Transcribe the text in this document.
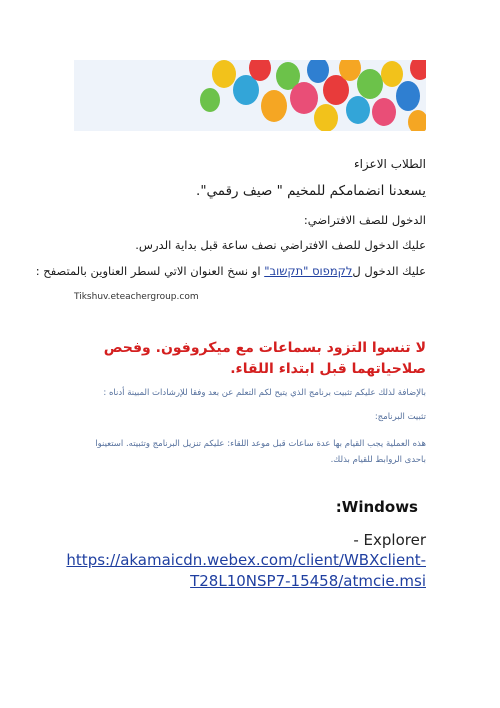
الطلاب الاعزاء
يسعدنا انضمامكم للمخيم " صيف رقمي".
الدخول للصف الافتراضي:
عليك الدخول للصف الافتراضي نصف ساعة قبل بداية الدرس.
عليك الدخول لלקמפוס "תקשוב" او نسخ العنوان الاتي لسطر العناوين بالمتصفح :
Tikshuv.eteachergroup.com
لا تنسوا التزود بسماعات مع ميكروفون. وفحص صلاحياتهما قبل ابتداء اللقاء.
بالإضافة لذلك عليكم تثبيت برنامج الذي يتيح لكم التعلم عن بعد وفقا للإرشادات المبينة أدناه :
تثبيت البرنامج:
هذه العملية يجب القيام بها عدة ساعات قبل موعد اللقاء: عليكم تنزيل البرنامج وتثبيته. استعينوا باحدى الروابط للقيام بذلك.
:Windows
- Explorer
https://akamaicdn.webex.com/client/WBXclient-
T28L10NSP7-15458/atmcie.msi
